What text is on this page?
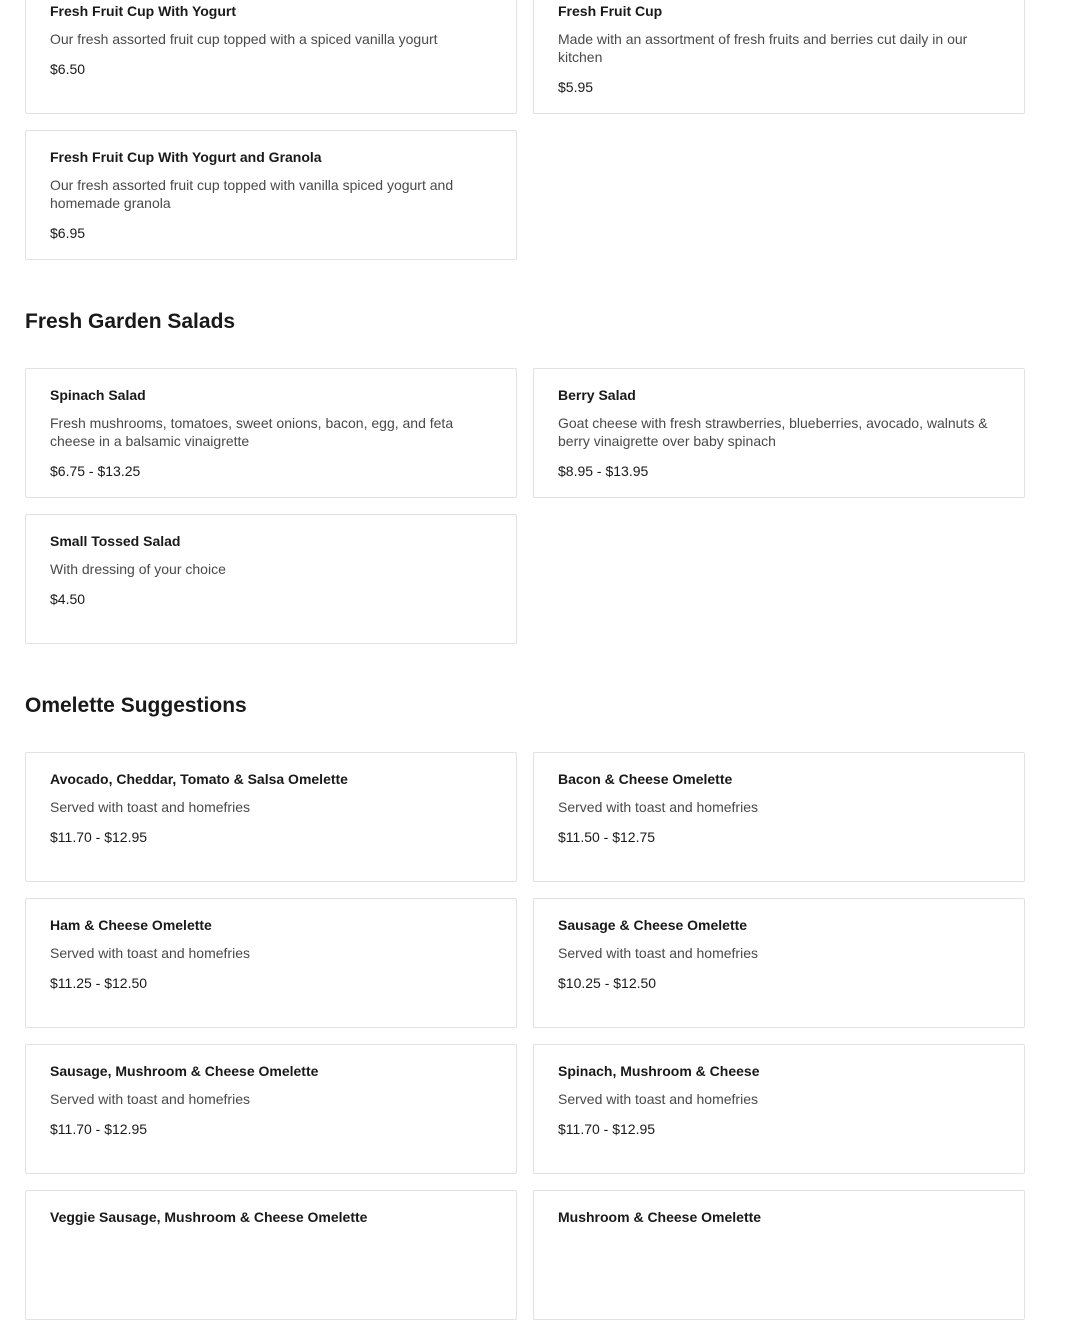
Fresh Fruit Cup With Yogurt
Our fresh assorted fruit cup topped with a spiced vanilla yogurt
$6.50
Fresh Fruit Cup
Made with an assortment of fresh fruits and berries cut daily in our kitchen
$5.95
Fresh Fruit Cup With Yogurt and Granola
Our fresh assorted fruit cup topped with vanilla spiced yogurt and homemade granola
$6.95
Fresh Garden Salads
Spinach Salad
Fresh mushrooms, tomatoes, sweet onions, bacon, egg, and feta cheese in a balsamic vinaigrette
$6.75 - $13.25
Berry Salad
Goat cheese with fresh strawberries, blueberries, avocado, walnuts & berry vinaigrette over baby spinach
$8.95 - $13.95
Small Tossed Salad
With dressing of your choice
$4.50
Omelette Suggestions
Avocado, Cheddar, Tomato & Salsa Omelette
Served with toast and homefries
$11.70 - $12.95
Bacon & Cheese Omelette
Served with toast and homefries
$11.50 - $12.75
Ham & Cheese Omelette
Served with toast and homefries
$11.25 - $12.50
Sausage & Cheese Omelette
Served with toast and homefries
$10.25 - $12.50
Sausage, Mushroom & Cheese Omelette
Served with toast and homefries
$11.70 - $12.95
Spinach, Mushroom & Cheese
Served with toast and homefries
$11.70 - $12.95
Veggie Sausage, Mushroom & Cheese Omelette	Mushroom & Cheese Omelette
